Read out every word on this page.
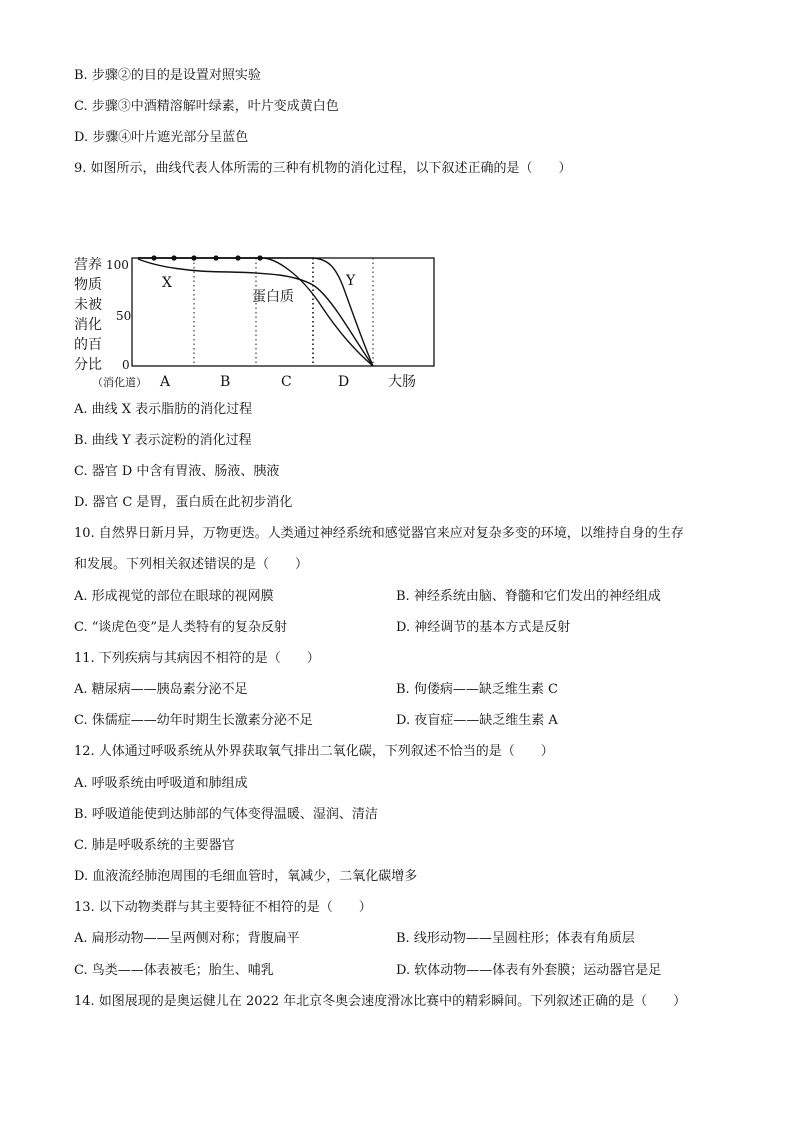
B. 步骤②的目的是设置对照实验
C. 步骤③中酒精溶解叶绿素，叶片变成黄白色
D. 步骤④叶片遮光部分呈蓝色
9. 如图所示，曲线代表人体所需的三种有机物的消化过程，以下叙述正确的是（　　）
营养
物质
未被
消化
的百
分比
100
50
0
X
蛋白质
Y
（消化道） A	B	C	D	大肠
A. 曲线 X 表示脂肪的消化过程
B. 曲线 Y 表示淀粉的消化过程
C. 器官 D 中含有胃液、肠液、胰液
D. 器官 C 是胃，蛋白质在此初步消化
10. 自然界日新月异，万物更迭。人类通过神经系统和感觉器官来应对复杂多变的环境，以维持自身的生存
和发展。下列相关叙述错误的是（　　）
A. 形成视觉的部位在眼球的视网膜	B. 神经系统由脑、脊髓和它们发出的神经组成
C. “谈虎色变”是人类特有的复杂反射	D. 神经调节的基本方式是反射
11. 下列疾病与其病因不相符的是（　　）
A. 糖尿病——胰岛素分泌不足	B. 佝偻病——缺乏维生素 C
C. 侏儒症——幼年时期生长激素分泌不足	D. 夜盲症——缺乏维生素 A
12. 人体通过呼吸系统从外界获取氧气排出二氧化碳，下列叙述不恰当的是（　　）
A. 呼吸系统由呼吸道和肺组成
B. 呼吸道能使到达肺部的气体变得温暖、湿润、清洁
C. 肺是呼吸系统的主要器官
D. 血液流经肺泡周围的毛细血管时，氧减少，二氧化碳增多
13. 以下动物类群与其主要特征不相符的是（　　）
A. 扁形动物——呈两侧对称；背腹扁平	B. 线形动物——呈圆柱形；体表有角质层
C. 鸟类——体表被毛；胎生、哺乳	D. 软体动物——体表有外套膜；运动器官是足
14. 如图展现的是奥运健儿在 2022 年北京冬奥会速度滑冰比赛中的精彩瞬间。下列叙述正确的是（　　）
